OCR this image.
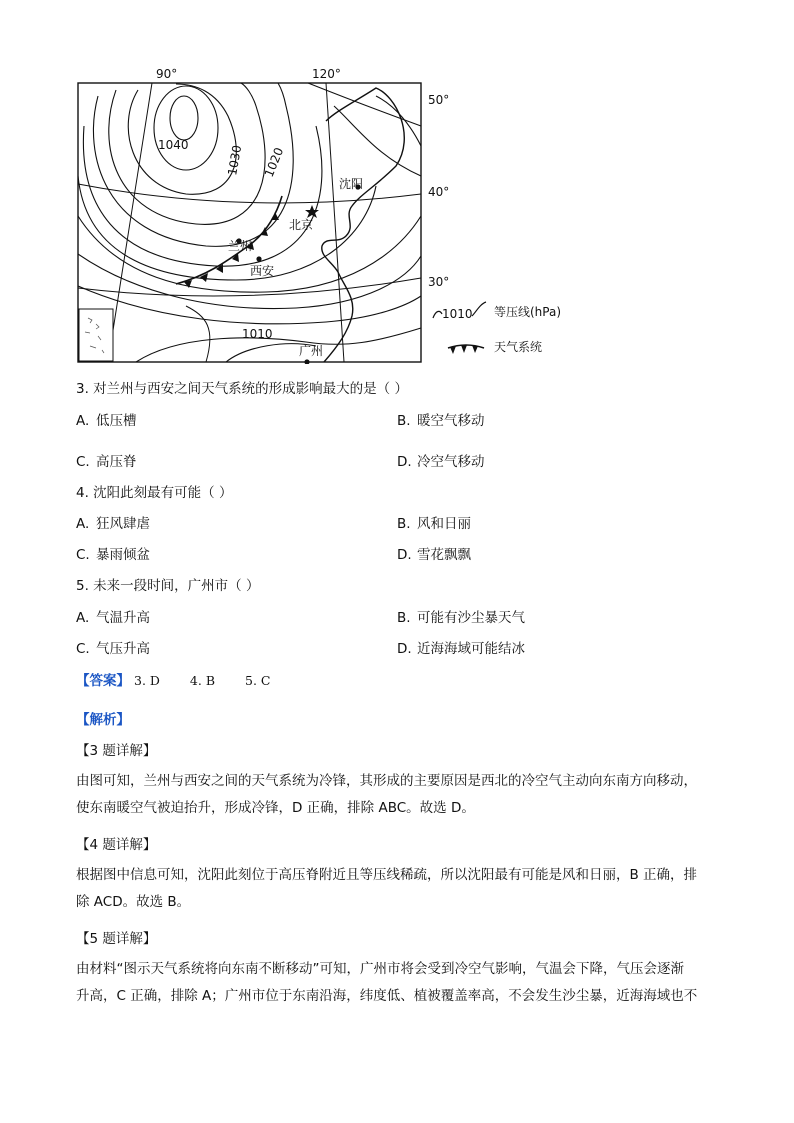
90°	120°
50°
40°
30°
1040	1030 1020
1010
沈阳
北京
兰州
西安
广州
1010 等压线(hPa)
天气系统
3. 对兰州与西安之间天气系统的形成影响最大的是（ ）
A. 低压槽	B. 暖空气移动
C. 高压脊	D. 冷空气移动
4. 沈阳此刻最有可能（ ）
A. 狂风肆虐	B. 风和日丽
C. 暴雨倾盆	D. 雪花飘飘
5. 未来一段时间，广州市（ ）
A. 气温升高	B. 可能有沙尘暴天气
C. 气压升高	D. 近海海域可能结冰
【答案】 3. D 4. B 5. C
【解析】
【3 题详解】
由图可知，兰州与西安之间的天气系统为冷锋，其形成的主要原因是西北的冷空气主动向东南方向移动，
使东南暖空气被迫抬升，形成冷锋，D 正确，排除 ABC。故选 D。
【4 题详解】
根据图中信息可知，沈阳此刻位于高压脊附近且等压线稀疏，所以沈阳最有可能是风和日丽，B 正确，排
除 ACD。故选 B。
【5 题详解】
由材料“图示天气系统将向东南不断移动”可知，广州市将会受到冷空气影响，气温会下降，气压会逐渐
升高，C 正确，排除 A；广州市位于东南沿海，纬度低、植被覆盖率高，不会发生沙尘暴，近海海域也不
